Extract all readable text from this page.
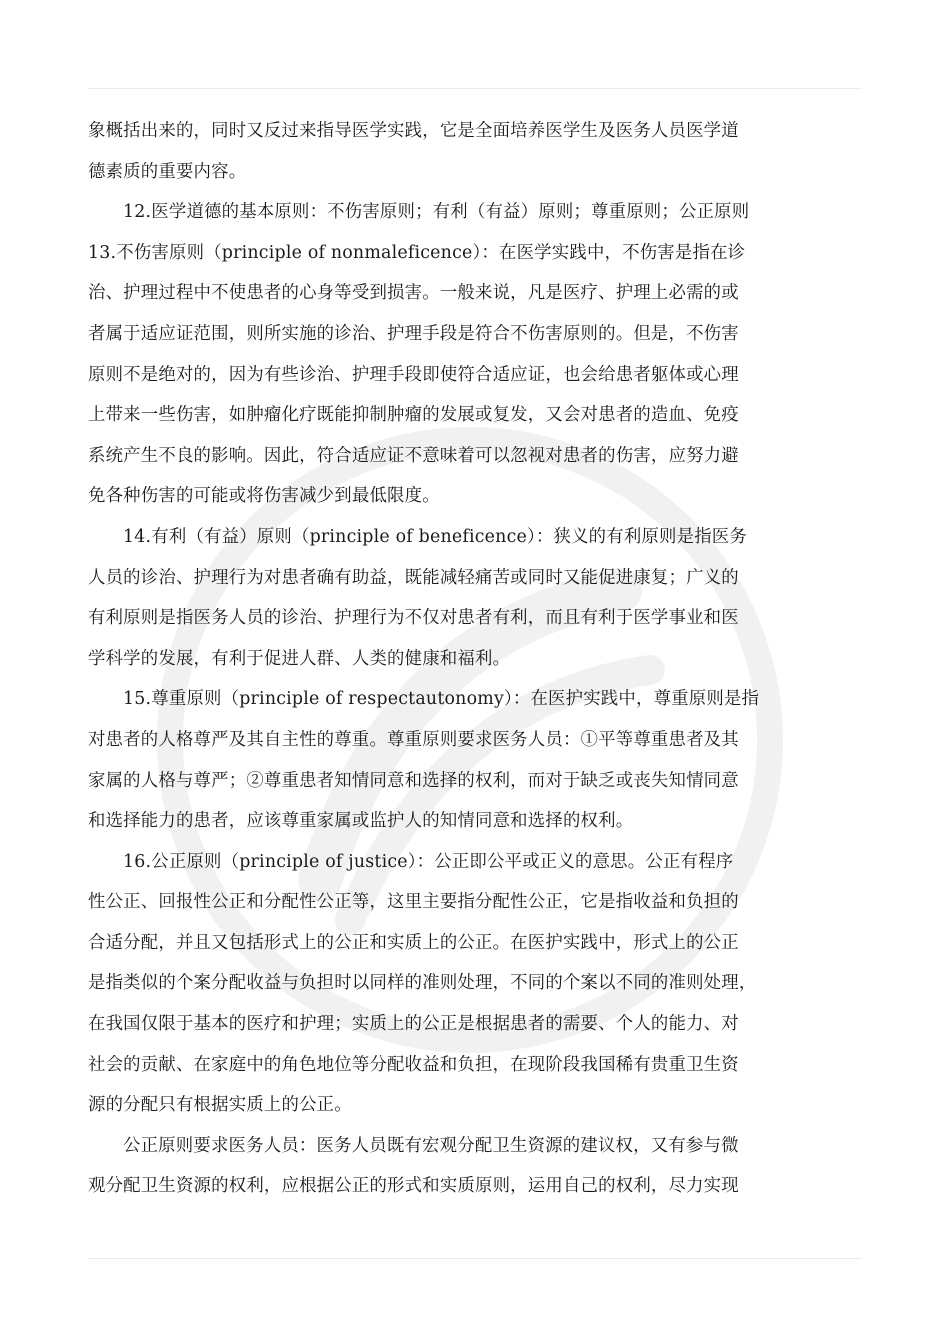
象概括出来的，同时又反过来指导医学实践，它是全面培养医学生及医务人员医学道
德素质的重要内容。
12.医学道德的基本原则：不伤害原则；有利（有益）原则；尊重原则；公正原则
13.不伤害原则（principle of nonmaleficence）：在医学实践中，不伤害是指在诊
治、护理过程中不使患者的心身等受到损害。一般来说，凡是医疗、护理上必需的或
者属于适应证范围，则所实施的诊治、护理手段是符合不伤害原则的。但是，不伤害
原则不是绝对的，因为有些诊治、护理手段即使符合适应证，也会给患者躯体或心理
上带来一些伤害，如肿瘤化疗既能抑制肿瘤的发展或复发，又会对患者的造血、免疫
系统产生不良的影响。因此，符合适应证不意味着可以忽视对患者的伤害，应努力避
免各种伤害的可能或将伤害减少到最低限度。
14.有利（有益）原则（principle of beneficence）：狭义的有利原则是指医务
人员的诊治、护理行为对患者确有助益，既能减轻痛苦或同时又能促进康复；广义的
有利原则是指医务人员的诊治、护理行为不仅对患者有利，而且有利于医学事业和医
学科学的发展，有利于促进人群、人类的健康和福利。
15.尊重原则（principle of respectautonomy）：在医护实践中，尊重原则是指
对患者的人格尊严及其自主性的尊重。尊重原则要求医务人员：①平等尊重患者及其
家属的人格与尊严；②尊重患者知情同意和选择的权利，而对于缺乏或丧失知情同意
和选择能力的患者，应该尊重家属或监护人的知情同意和选择的权利。
16.公正原则（principle of justice）：公正即公平或正义的意思。公正有程序
性公正、回报性公正和分配性公正等，这里主要指分配性公正，它是指收益和负担的
合适分配，并且又包括形式上的公正和实质上的公正。在医护实践中，形式上的公正
是指类似的个案分配收益与负担时以同样的准则处理，不同的个案以不同的准则处理，
在我国仅限于基本的医疗和护理；实质上的公正是根据患者的需要、个人的能力、对
社会的贡献、在家庭中的角色地位等分配收益和负担，在现阶段我国稀有贵重卫生资
源的分配只有根据实质上的公正。
公正原则要求医务人员：医务人员既有宏观分配卫生资源的建议权，又有参与微
观分配卫生资源的权利，应根据公正的形式和实质原则，运用自己的权利，尽力实现
